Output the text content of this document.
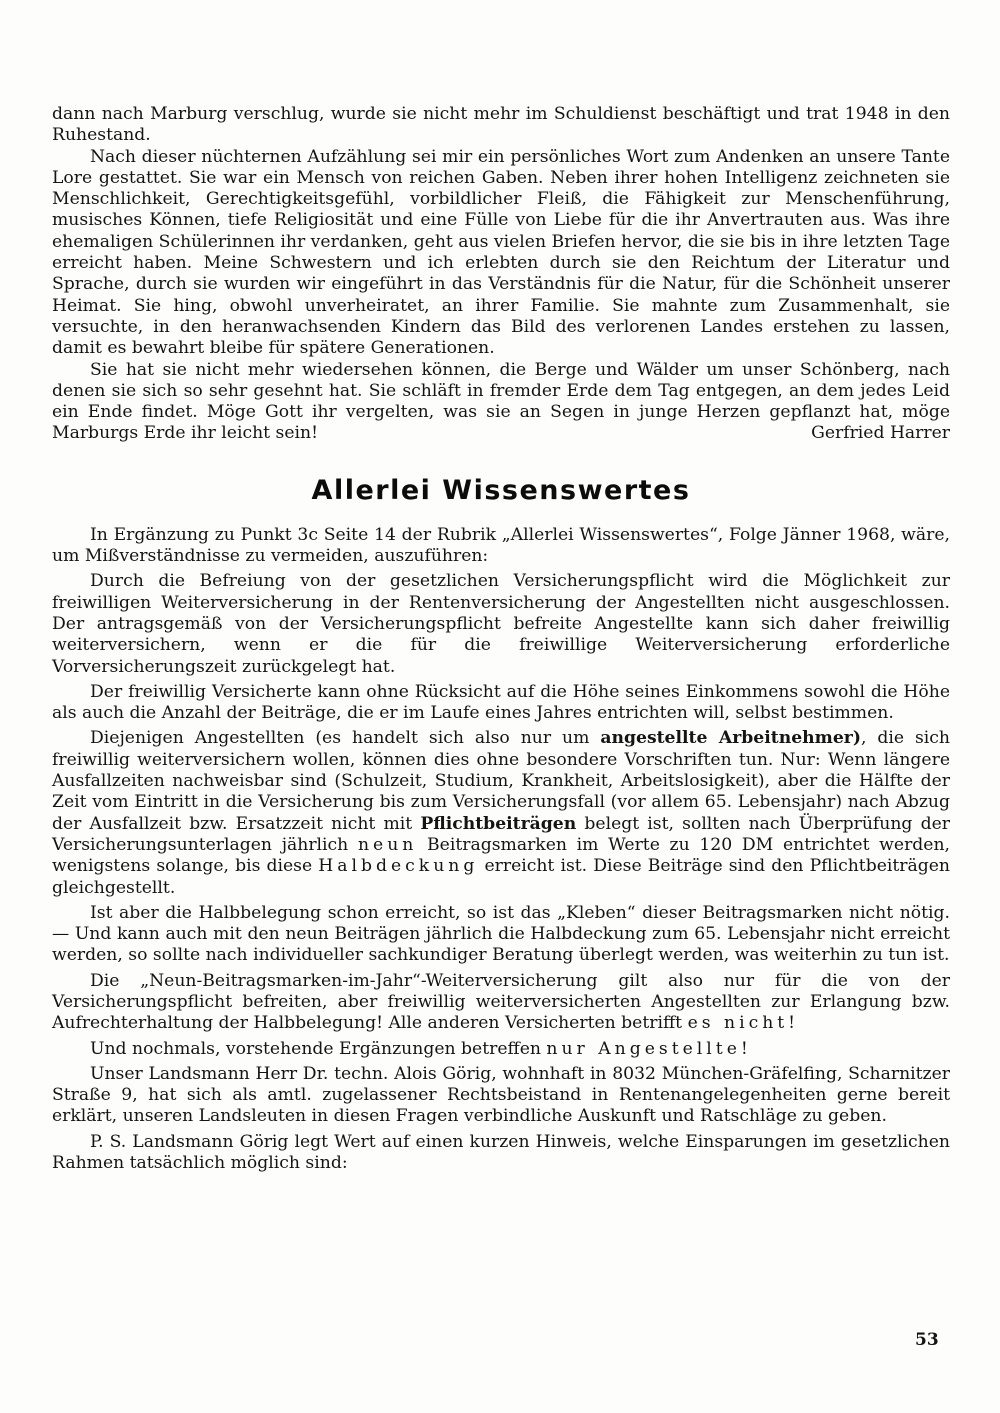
dann nach Marburg verschlug, wurde sie nicht mehr im Schuldienst beschäftigt und trat 1948 in den Ruhestand.

Nach dieser nüchternen Aufzählung sei mir ein persönliches Wort zum Andenken an unsere Tante Lore gestattet. Sie war ein Mensch von reichen Gaben. Neben ihrer hohen Intelligenz zeichneten sie Menschlichkeit, Gerechtigkeitsgefühl, vorbildlicher Fleiß, die Fähigkeit zur Menschenführung, musisches Können, tiefe Religiosität und eine Fülle von Liebe für die ihr Anvertrauten aus. Was ihre ehemaligen Schülerinnen ihr verdanken, geht aus vielen Briefen hervor, die sie bis in ihre letzten Tage erreicht haben. Meine Schwestern und ich erlebten durch sie den Reichtum der Literatur und Sprache, durch sie wurden wir eingeführt in das Verständnis für die Natur, für die Schönheit unserer Heimat. Sie hing, obwohl unverheiratet, an ihrer Familie. Sie mahnte zum Zusammenhalt, sie versuchte, in den heranwachsenden Kindern das Bild des verlorenen Landes erstehen zu lassen, damit es bewahrt bleibe für spätere Generationen.

Sie hat sie nicht mehr wiedersehen können, die Berge und Wälder um unser Schönberg, nach denen sie sich so sehr gesehnt hat. Sie schläft in fremder Erde dem Tag entgegen, an dem jedes Leid ein Ende findet. Möge Gott ihr vergelten, was sie an Segen in junge Herzen gepflanzt hat, möge Marburgs Erde ihr leicht sein!	Gerfried Harrer

Allerlei Wissenswertes

In Ergänzung zu Punkt 3c Seite 14 der Rubrik „Allerlei Wissenswertes“, Folge Jänner 1968, wäre, um Mißverständnisse zu vermeiden, auszuführen:

Durch die Befreiung von der gesetzlichen Versicherungspflicht wird die Möglichkeit zur freiwilligen Weiterversicherung in der Rentenversicherung der Angestellten nicht ausgeschlossen. Der antragsgemäß von der Versicherungspflicht befreite Angestellte kann sich daher freiwillig weiterversichern, wenn er die für die freiwillige Weiterversicherung erforderliche Vorversicherungszeit zurückgelegt hat.

Der freiwillig Versicherte kann ohne Rücksicht auf die Höhe seines Einkommens sowohl die Höhe als auch die Anzahl der Beiträge, die er im Laufe eines Jahres entrichten will, selbst bestimmen.

Diejenigen Angestellten (es handelt sich also nur um angestellte Arbeitnehmer), die sich freiwillig weiterversichern wollen, können dies ohne besondere Vorschriften tun. Nur: Wenn längere Ausfallzeiten nachweisbar sind (Schulzeit, Studium, Krankheit, Arbeitslosigkeit), aber die Hälfte der Zeit vom Eintritt in die Versicherung bis zum Versicherungsfall (vor allem 65. Lebensjahr) nach Abzug der Ausfallzeit bzw. Ersatzzeit nicht mit Pflichtbeiträgen belegt ist, sollten nach Überprüfung der Versicherungsunterlagen jährlich neun Beitragsmarken im Werte zu 120 DM entrichtet werden, wenigstens solange, bis diese Halbdeckung erreicht ist. Diese Beiträge sind den Pflichtbeiträgen gleichgestellt.

Ist aber die Halbbelegung schon erreicht, so ist das „Kleben“ dieser Beitragsmarken nicht nötig. — Und kann auch mit den neun Beiträgen jährlich die Halbdeckung zum 65. Lebensjahr nicht erreicht werden, so sollte nach individueller sachkundiger Beratung überlegt werden, was weiterhin zu tun ist.

Die „Neun-Beitragsmarken-im-Jahr“-Weiterversicherung gilt also nur für die von der Versicherungspflicht befreiten, aber freiwillig weiterversicherten Angestellten zur Erlangung bzw. Aufrechterhaltung der Halbbelegung! Alle anderen Versicherten betrifft es nicht!

Und nochmals, vorstehende Ergänzungen betreffen nur Angestellte!

Unser Landsmann Herr Dr. techn. Alois Görig, wohnhaft in 8032 München-Gräfelfing, Scharnitzer Straße 9, hat sich als amtl. zugelassener Rechtsbeistand in Rentenangelegenheiten gerne bereit erklärt, unseren Landsleuten in diesen Fragen verbindliche Auskunft und Ratschläge zu geben.

P. S. Landsmann Görig legt Wert auf einen kurzen Hinweis, welche Einsparungen im gesetzlichen Rahmen tatsächlich möglich sind:

53
